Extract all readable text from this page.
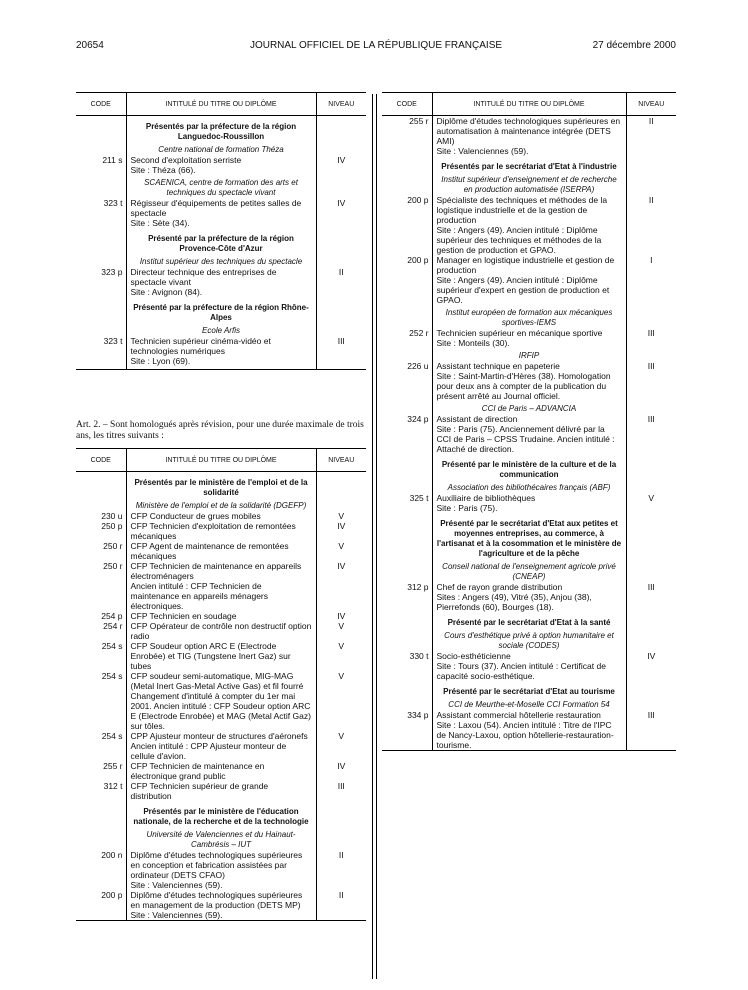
20654	JOURNAL OFFICIEL DE LA RÉPUBLIQUE FRANÇAISE	27 décembre 2000
CODE	INTITULÉ DU TITRE OU DIPLÔME	NIVEAU

	Présentés par la préfecture de la région Languedoc-Roussillon
Centre national de formation Théza	

211 s	Second d'exploitation serriste
Site : Théza (66).	IV

	SCAENICA, centre de formation des arts et techniques du spectacle vivant	

323 t	Régisseur d'équipements de petites salles de spectacle
Site : Sète (34).	IV

	Présenté par la préfecture de la région Provence-Côte d'Azur
Institut supérieur des techniques du spectacle	

323 p	Directeur technique des entreprises de spectacle vivant
Site : Avignon (84).	II

	Présenté par la préfecture de la région Rhône-Alpes
Ecole Arfis	

323 t	Technicien supérieur cinéma-vidéo et technologies numériques
Site : Lyon (69).	III
Art. 2. – Sont homologués après révision, pour une durée maximale de trois ans, les titres suivants :
CODE	INTITULÉ DU TITRE OU DIPLÔME	NIVEAU

	Présentés par le ministère de l'emploi et de la solidarité
Ministère de l'emploi et de la solidarité (DGEFP)	

230 u	CFP Conducteur de grues mobiles	V
250 p	CFP Technicien d'exploitation de remontées mécaniques	IV
250 r	CFP Agent de maintenance de remontées mécaniques	V
250 r	CFP Technicien de maintenance en appareils électroménagers
Ancien intitulé : CFP Technicien de maintenance en appareils ménagers électroniques.	IV
254 p	CFP Technicien en soudage	IV
254 r	CFP Opérateur de contrôle non destructif option radio	V
254 s	CFP Soudeur option ARC E (Electrode Enrobée) et TIG (Tungstene Inert Gaz) sur tubes	V
254 s	CFP soudeur semi-automatique, MIG-MAG (Metal Inert Gas-Metal Active Gas) et fil fourré
Changement d'intitulé à compter du 1er mai 2001. Ancien intitulé : CFP Soudeur option ARC E (Electrode Enrobée) et MAG (Metal Actif Gaz) sur tôles.	V
254 s	CPP Ajusteur monteur de structures d'aéronefs
Ancien intitulé : CPP Ajusteur monteur de cellule d'avion.	V
255 r	CFP Technicien de maintenance en électronique grand public	IV
312 t	CFP Technicien supérieur de grande distribution	III

	Présentés par le ministère de l'éducation nationale, de la recherche et de la technologie
Université de Valenciennes et du Hainaut-Cambrésis – IUT	

200 n	Diplôme d'études technologiques supérieures en conception et fabrication assistées par ordinateur (DETS CFAO)
Site : Valenciennes (59).	II
200 p	Diplôme d'études technologiques supérieures en management de la production (DETS MP)
Site : Valenciennes (59).	II
CODE	INTITULÉ DU TITRE OU DIPLÔME	NIVEAU
255 r	Diplôme d'études technologiques supérieures en automatisation à maintenance intégrée (DETS AMI)
Site : Valenciennes (59).	II

	Présentés par le secrétariat d'Etat à l'industrie
Institut supérieur d'enseignement et de recherche en production automatisée (ISERPA)	

200 p	Spécialiste des techniques et méthodes de la logistique industrielle et de la gestion de production
Site : Angers (49). Ancien intitulé : Diplôme supérieur des techniques et méthodes de la gestion de production et GPAO.	II
200 p	Manager en logistique industrielle et gestion de production
Site : Angers (49). Ancien intitulé : Diplôme supérieur d'expert en gestion de production et GPAO.	I

	Institut européen de formation aux mécaniques sportives-IEMS	

252 r	Technicien supérieur en mécanique sportive
Site : Monteils (30).	III

	IRFIP	

226 u	Assistant technique en papeterie
Site : Saint-Martin-d'Hères (38). Homologation pour deux ans à compter de la publication du présent arrêté au Journal officiel.	III

	CCI de Paris – ADVANCIA	

324 p	Assistant de direction
Site : Paris (75). Anciennement délivré par la CCI de Paris – CPSS Trudaine. Ancien intitulé : Attaché de direction.	III

	Présenté par le ministère de la culture et de la communication
Association des bibliothécaires français (ABF)	

325 t	Auxiliaire de bibliothèques
Site : Paris (75).	V

	Présenté par le secrétariat d'Etat aux petites et moyennes entreprises, au commerce, à l'artisanat et à la cosommation et le ministère de l'agriculture et de la pêche
Conseil national de l'enseignement agricole privé (CNEAP)	

312 p	Chef de rayon grande distribution
Sites : Angers (49), Vitré (35), Anjou (38), Pierrefonds (60), Bourges (18).	III

	Présenté par le secrétariat d'Etat à la santé
Cours d'esthétique privé à option humanitaire et sociale (CODES)	

330 t	Socio-esthéticienne
Site : Tours (37). Ancien intitulé : Certificat de capacité socio-esthétique.	IV

	Présenté par le secrétariat d'Etat au tourisme
CCI de Meurthe-et-Moselle CCI Formation 54	

334 p	Assistant commercial hôtellerie restauration
Site : Laxou (54). Ancien intitulé : Titre de l'IPC de Nancy-Laxou, option hôtellerie-restauration-tourisme.	III
